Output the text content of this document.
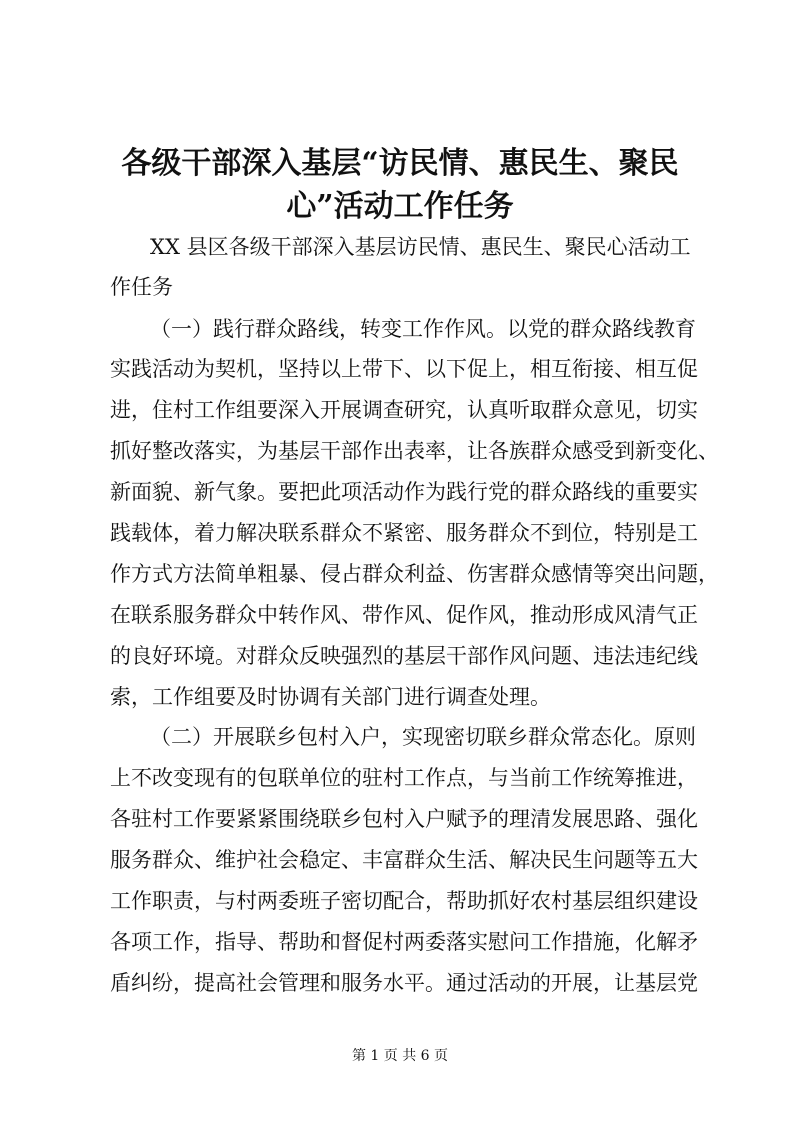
各级干部深入基层“访民情、惠民生、聚民
心”活动工作任务

XX 县区各级干部深入基层访民情、惠民生、聚民心活动工

作任务

（一）践行群众路线，转变工作作风。以党的群众路线教育

实践活动为契机，坚持以上带下、以下促上，相互衔接、相互促

进，住村工作组要深入开展调查研究，认真听取群众意见，切实

抓好整改落实，为基层干部作出表率，让各族群众感受到新变化、

新面貌、新气象。要把此项活动作为践行党的群众路线的重要实

践载体，着力解决联系群众不紧密、服务群众不到位，特别是工

作方式方法简单粗暴、侵占群众利益、伤害群众感情等突出问题，

在联系服务群众中转作风、带作风、促作风，推动形成风清气正

的良好环境。对群众反映强烈的基层干部作风问题、违法违纪线

索，工作组要及时协调有关部门进行调查处理。

（二）开展联乡包村入户，实现密切联乡群众常态化。原则

上不改变现有的包联单位的驻村工作点，与当前工作统筹推进，

各驻村工作要紧紧围绕联乡包村入户赋予的理清发展思路、强化

服务群众、维护社会稳定、丰富群众生活、解决民生问题等五大

工作职责，与村两委班子密切配合，帮助抓好农村基层组织建设

各项工作，指导、帮助和督促村两委落实慰问工作措施，化解矛

盾纠纷，提高社会管理和服务水平。通过活动的开展，让基层党

第 1 页 共 6 页
